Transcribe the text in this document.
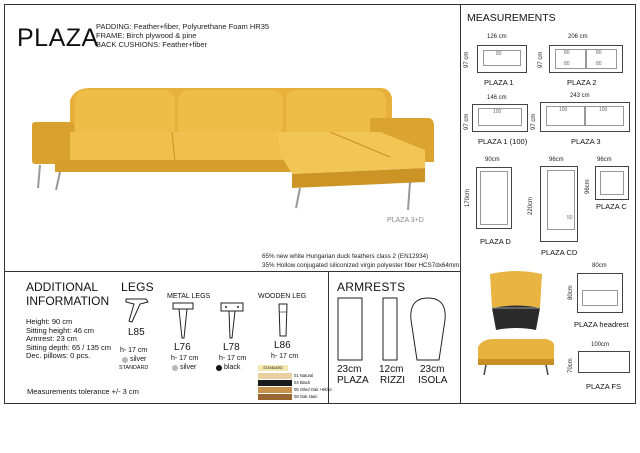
PLAZA
PADDING: Feather+fiber, Polyurethane Foam HR35
FRAME: Birch plywood & pine
BACK CUSHIONS: Feather+fiber
PLAZA 3+D
65% new white Hungarian duck feathers class 2 (EN12934)
35% Hollow conjugated siliconized virgin polyester fiber HCS7dx64mm
MEASUREMENTS
126 cm
97 cm	80
PLAZA 1
206 cm
97 cm	80	80
80	80
PLAZA 2
146 cm
97 cm
100
PLAZA 1 (100)
243 cm
97 cm
100	100
PLAZA 3
90cm
170cm
PLAZA D
96cm
220cm
50
PLAZA CD
96cm
96cm
PLAZA C
80cm
80cm
PLAZA headrest
100cm
70cm
PLAZA FS
ADDITIONAL
INFORMATION
Height: 90 cm
Sitting height: 46 cm
Armrest: 23 cm
Sitting depth: 65 / 135 cm
Dec. pillows: 0 pcs.
Measurements tolerance +/- 3 cm
LEGS
METAL LEGS	WOODEN LEG
L85
h- 17 cm
silver
STANDARD
L76
h- 17 cm
silver
L78
h- 17 cm
black
L86
h- 17 cm
STANDARD
01 Natural
04 Black
05 Oiled Oak +9€/pc
08 Oak stain
ARMRESTS
23cm
PLAZA
12cm
RIZZI
23cm
ISOLA
